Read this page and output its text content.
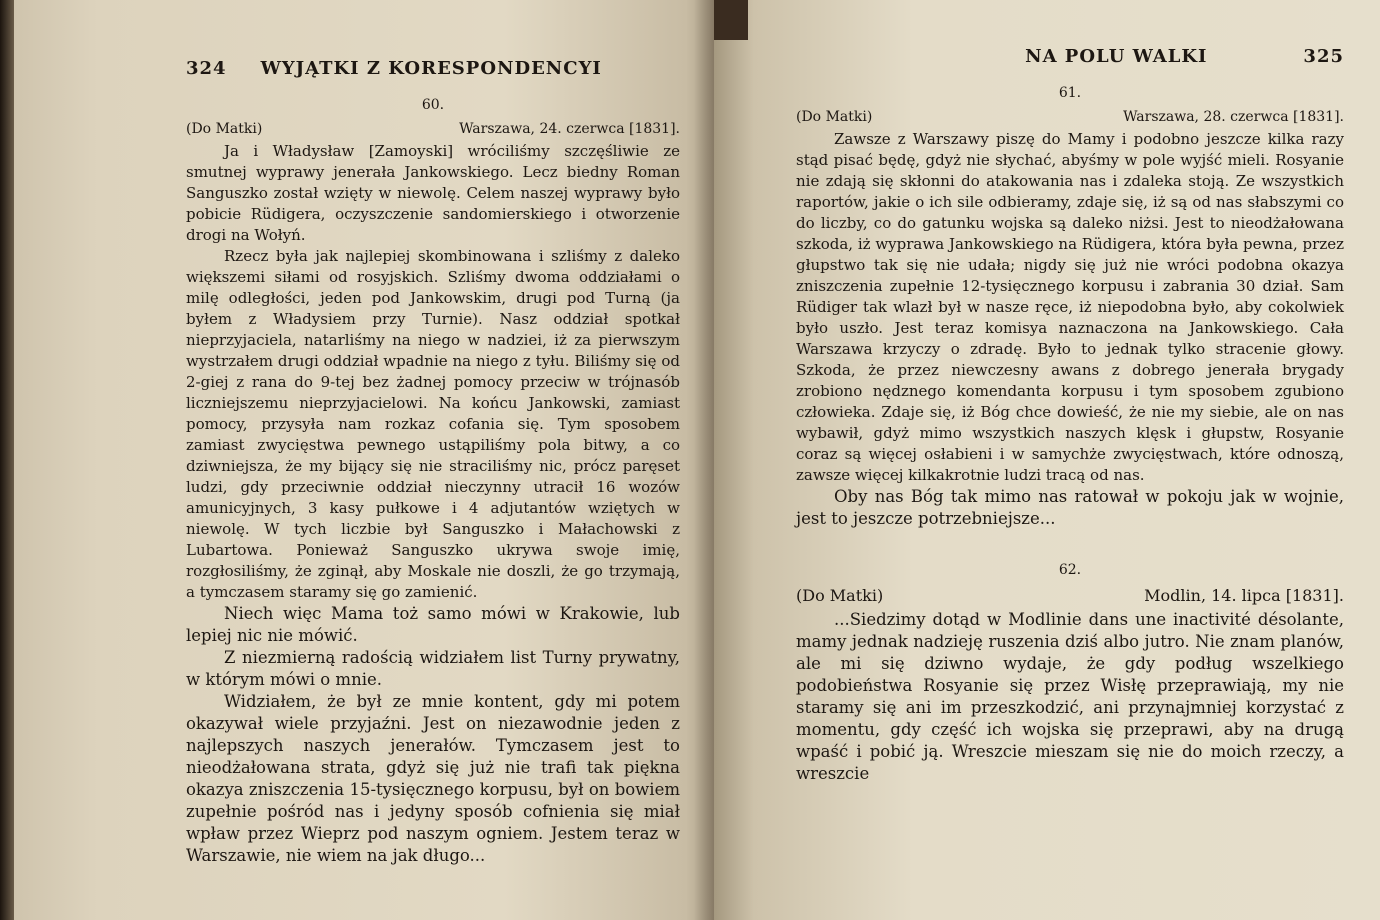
324 WYJĄTKI Z KORESPONDENCYI
60.
(Do Matki)	Warszawa, 24. czerwca [1831].

Ja i Władysław [Zamoyski] wróciliśmy szczęśliwie ze smutnej wyprawy jenerała Jankowskiego. Lecz biedny Roman Sanguszko został wzięty w niewolę. Celem naszej wyprawy było pobicie Rüdigera, oczyszczenie sandomierskiego i otworzenie drogi na Wołyń.

Rzecz była jak najlepiej skombinowana i szliśmy z daleko większemi siłami od rosyjskich. Szliśmy dwoma oddziałami o milę odległości, jeden pod Jankowskim, drugi pod Turną (ja byłem z Władysiem przy Turnie). Nasz oddział spotkał nieprzyjaciela, natarliśmy na niego w nadziei, iż za pierwszym wystrzałem drugi oddział wpadnie na niego z tyłu. Biliśmy się od 2-giej z rana do 9-tej bez żadnej pomocy przeciw w trójnasób liczniejszemu nieprzyjacielowi. Na końcu Jankowski, zamiast pomocy, przysyła nam rozkaz cofania się. Tym sposobem zamiast zwycięstwa pewnego ustąpiliśmy pola bitwy, a co dziwniejsza, że my bijący się nie straciliśmy nic, prócz paręset ludzi, gdy przeciwnie oddział nieczynny utracił 16 wozów amunicyjnych, 3 kasy pułkowe i 4 adjutantów wziętych w niewolę. W tych liczbie był Sanguszko i Małachowski z Lubartowa. Ponieważ Sanguszko ukrywa swoje imię, rozgłosiliśmy, że zginął, aby Moskale nie doszli, że go trzymają, a tymczasem staramy się go zamienić.

Niech więc Mama toż samo mówi w Krakowie, lub lepiej nic nie mówić.

Z niezmierną radością widziałem list Turny prywatny, w którym mówi o mnie.

Widziałem, że był ze mnie kontent, gdy mi potem okazywał wiele przyjaźni. Jest on niezawodnie jeden z najlepszych naszych jenerałów. Tymczasem jest to nieodżałowana strata, gdyż się już nie trafi tak piękna okazya zniszczenia 15-tysięcznego korpusu, był on bowiem zupełnie pośród nas i jedyny sposób cofnienia się miał wpław przez Wieprz pod naszym ogniem. Jestem teraz w Warszawie, nie wiem na jak długo...

NA POLU WALKI	325
61.
(Do Matki)	Warszawa, 28. czerwca [1831].

Zawsze z Warszawy piszę do Mamy i podobno jeszcze kilka razy stąd pisać będę, gdyż nie słychać, abyśmy w pole wyjść mieli. Rosyanie nie zdają się skłonni do atakowania nas i zdaleka stoją. Ze wszystkich raportów, jakie o ich sile odbieramy, zdaje się, iż są od nas słabszymi co do liczby, co do gatunku wojska są daleko niżsi. Jest to nieodżałowana szkoda, iż wyprawa Jankowskiego na Rüdigera, która była pewna, przez głupstwo tak się nie udała; nigdy się już nie wróci podobna okazya zniszczenia zupełnie 12-tysięcznego korpusu i zabrania 30 dział. Sam Rüdiger tak wlazł był w nasze ręce, iż niepodobna było, aby cokolwiek było uszło. Jest teraz komisya naznaczona na Jankowskiego. Cała Warszawa krzyczy o zdradę. Było to jednak tylko stracenie głowy. Szkoda, że przez niewczesny awans z dobrego jenerała brygady zrobiono nędznego komendanta korpusu i tym sposobem zgubiono człowieka. Zdaje się, iż Bóg chce dowieść, że nie my siebie, ale on nas wybawił, gdyż mimo wszystkich naszych klęsk i głupstw, Rosyanie coraz są więcej osłabieni i w samychże zwycięstwach, które odnoszą, zawsze więcej kilkakrotnie ludzi tracą od nas.

Oby nas Bóg tak mimo nas ratował w pokoju jak w wojnie, jest to jeszcze potrzebniejsze...

62.
(Do Matki)	Modlin, 14. lipca [1831].

...Siedzimy dotąd w Modlinie dans une inactivité désolante, mamy jednak nadzieję ruszenia dziś albo jutro. Nie znam planów, ale mi się dziwno wydaje, że gdy podług wszelkiego podobieństwa Rosyanie się przez Wisłę przeprawiają, my nie staramy się ani im przeszkodzić, ani przynajmniej korzystać z momentu, gdy część ich wojska się przeprawi, aby na drugą wpaść i pobić ją. Wreszcie mieszam się nie do moich rzeczy, a wreszcie
